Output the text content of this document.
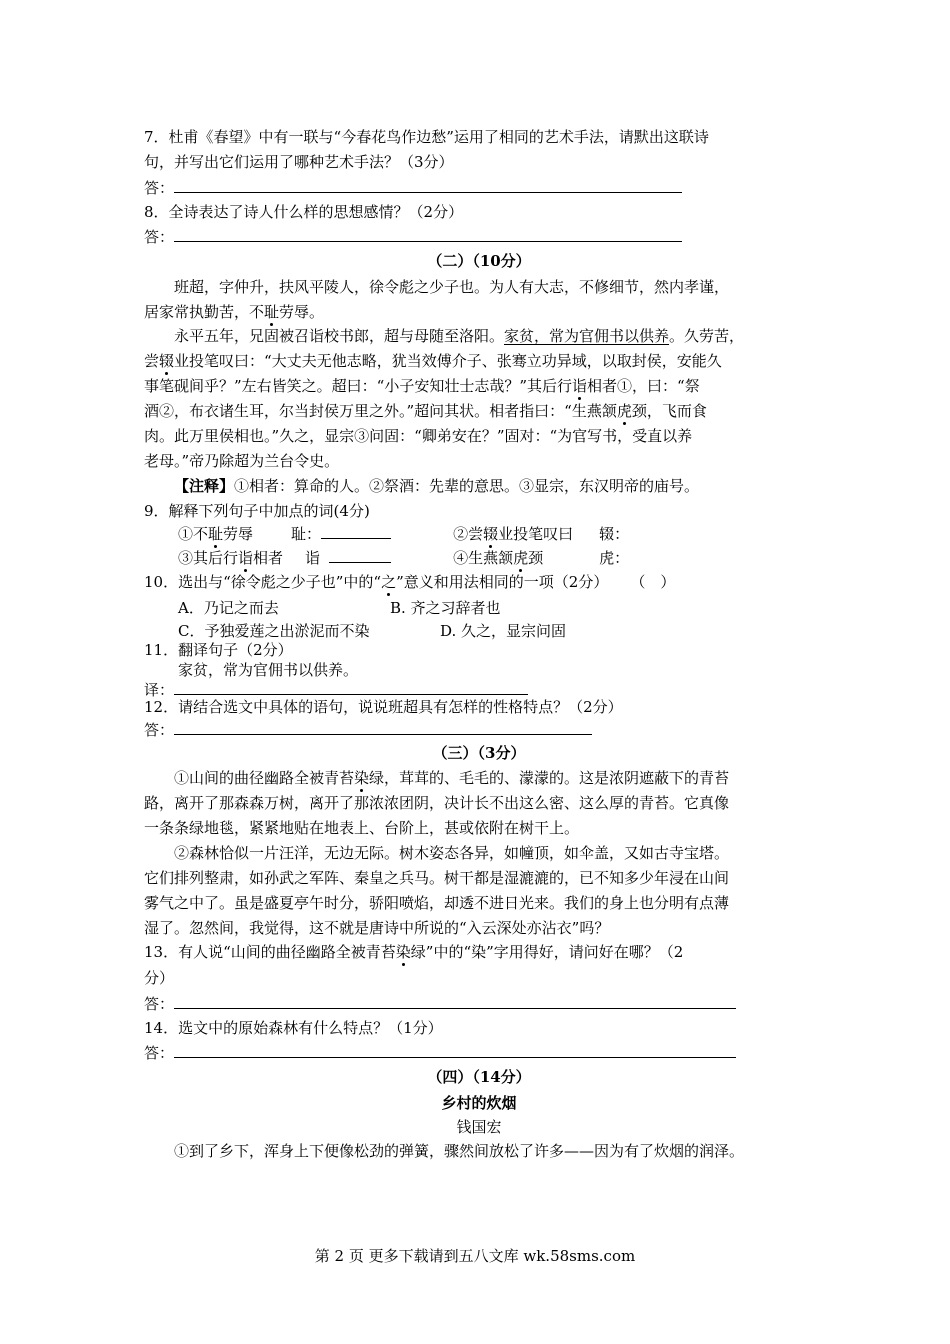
7．杜甫《春望》中有一联与“今春花鸟作边愁”运用了相同的艺术手法，请默出这联诗
句，并写出它们运用了哪种艺术手法？（3分）
答：
8．全诗表达了诗人什么样的思想感情？（2分）
答：
（二）（10分）
班超，字仲升，扶风平陵人，徐令彪之少子也。为人有大志，不修细节，然内孝谨，
居家常执勤苦，不耻劳辱。
永平五年，兄固被召诣校书郎，超与母随至洛阳。家贫，常为官佣书以供养。久劳苦，
尝辍业投笔叹曰：“大丈夫无他志略，犹当效傅介子、张骞立功异域，以取封侯，安能久
事笔砚间乎？”左右皆笑之。超曰：“小子安知壮士志哉？”其后行诣相者①，曰：“祭
酒②，布衣诸生耳，尔当封侯万里之外。”超问其状。相者指曰：“生燕颔虎颈，飞而食
肉。此万里侯相也。”久之，显宗③问固：“卿弟安在？”固对：“为官写书，受直以养
老母。”帝乃除超为兰台令史。
【注释】①相者：算命的人。②祭酒：先辈的意思。③显宗，东汉明帝的庙号。
9．解释下列句子中加点的词(4分)
①不耻劳辱	耻：	②尝辍业投笔叹曰 辍：
③其后行诣相者 诣	④生燕颔虎颈	虎：
10．选出与“徐令彪之少子也”中的“之”意义和用法相同的一项（2分） （　）
A．乃记之而去	B. 齐之习辞者也
C．予独爱莲之出淤泥而不染	D. 久之，显宗问固
11．翻译句子（2分）
家贫，常为官佣书以供养。
译：
12．请结合选文中具体的语句，说说班超具有怎样的性格特点？（2分）
答：
（三）（3分）
①山间的曲径幽路全被青苔染绿，茸茸的、毛毛的、濛濛的。这是浓阴遮蔽下的青苔
路，离开了那森森万树，离开了那浓浓团阴，决计长不出这么密、这么厚的青苔。它真像
一条条绿地毯，紧紧地贴在地表上、台阶上，甚或依附在树干上。
②森林恰似一片汪洋，无边无际。树木姿态各异，如幢顶，如伞盖，又如古寺宝塔。
它们排列整肃，如孙武之军阵、秦皇之兵马。树干都是湿漉漉的，已不知多少年浸在山间
雾气之中了。虽是盛夏亭午时分，骄阳喷焰，却透不进日光来。我们的身上也分明有点薄
湿了。忽然间，我觉得，这不就是唐诗中所说的“入云深处亦沾衣”吗？
13．有人说“山间的曲径幽路全被青苔染绿”中的“染”字用得好，请问好在哪？（2
分）
答：
14．选文中的原始森林有什么特点？（1分）
答：
（四）（14分）
乡村的炊烟
钱国宏
①到了乡下，浑身上下便像松劲的弹簧，骤然间放松了许多——因为有了炊烟的润泽。
第 2 页 更多下载请到五八文库 wk.58sms.com
